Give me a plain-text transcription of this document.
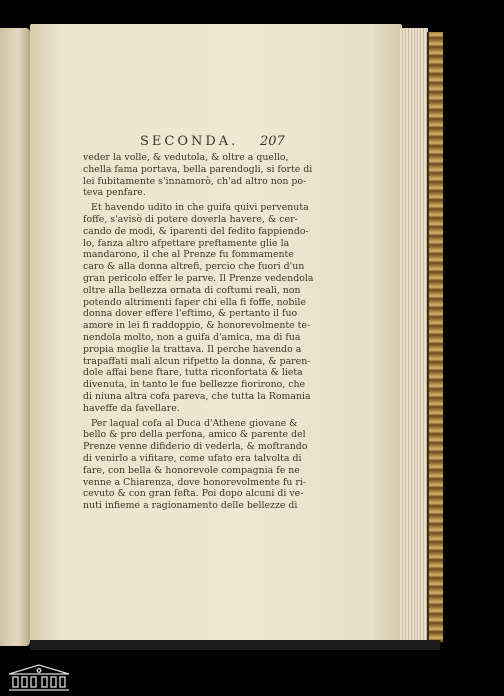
SECONDA. 207
veder la volle, & vedutola, & oltre a quello,
chella fama portava, bella parendogli, si forte di
lei fubitamente s'innamorò, ch'ad altro non po-
teva penfare.
Et havendo udito in che guifa quivi pervenuta
foffe, s'avisò di potere doverla havere, & cer-
cando de modi, & iparenti del fedito fappiendo-
lo, fanza altro afpettare preftamente glie la
mandarono, il che al Prenze fu fommamente
caro & alla donna altrefi, percio che fuori d'un
gran pericolo effer le parve. Il Prenze vedendola
oltre alla bellezza ornata di coftumi reali, non
potendo altrimenti faper chi ella fi foffe, nobile
donna dover effere l'eftimo, & pertanto il fuo
amore in lei fi raddoppio, & honorevolmente te-
nendola molto, non a guifa d'amica, ma di fua
propia moglie la trattava. Il perche havendo a
trapaffati mali alcun rifpetto la donna, & paren-
dole affai bene ftare, tutta riconfortata & lieta
divenuta, in tanto le fue bellezze fiorirono, che
di niuna altra cofa pareva, che tutta la Romania
haveffe da favellare.
Per laqual cofa al Duca d'Athene giovane &
bello & pro della perfona, amico & parente del
Prenze venne difiderio di vederla, & moftrando
di venirlo a vifitare, come ufato era talvolta di
fare, con bella & honorevole compagnia fe ne
venne a Chiarenza, dove honorevolmente fu ri-
cevuto & con gran fefta. Poi dopo alcuni di ve-
nuti infieme a ragionamento delle bellezze di
